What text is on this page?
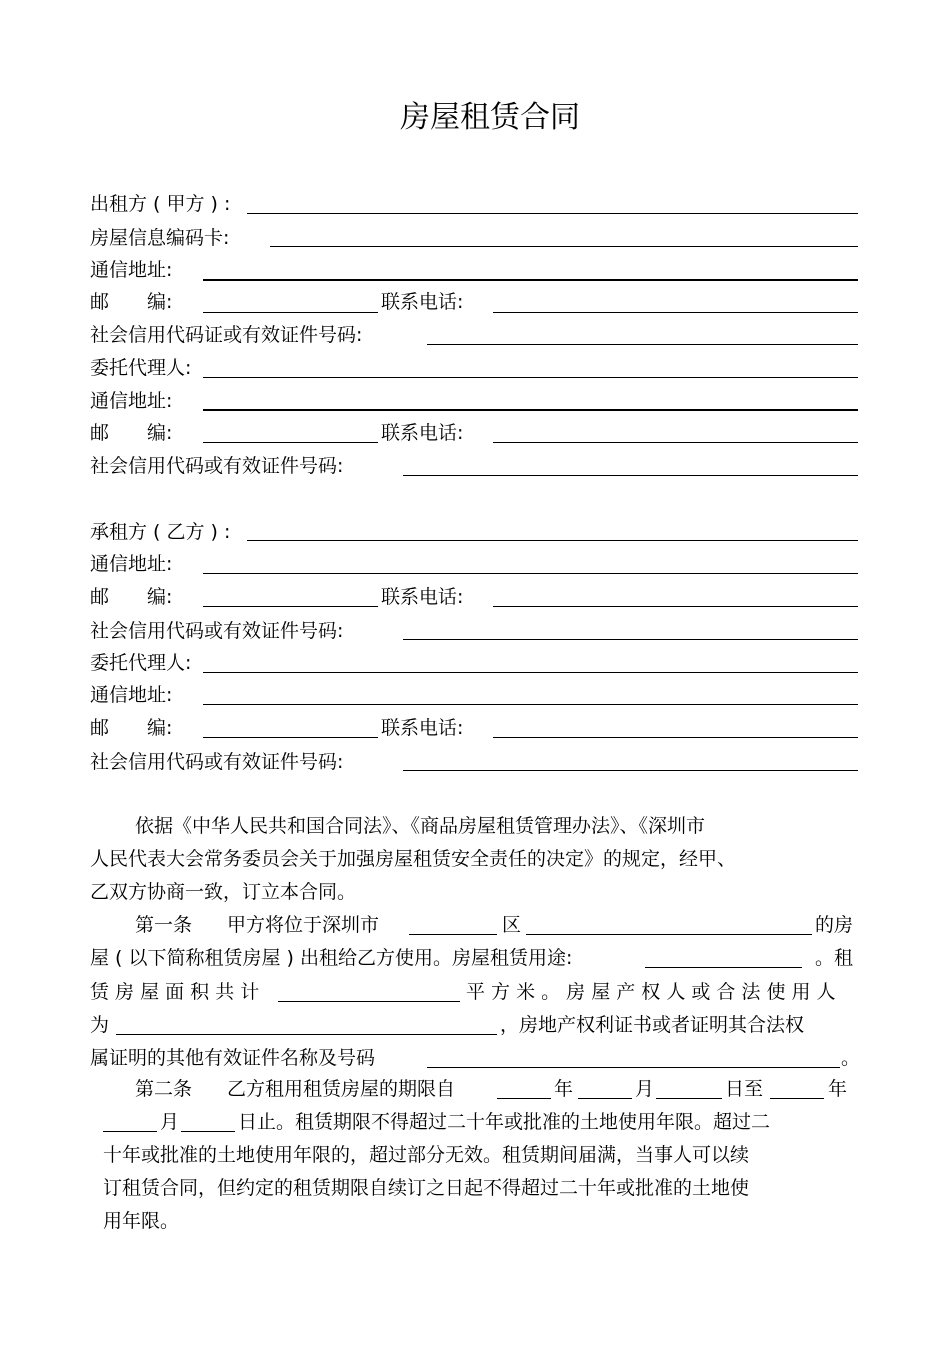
房屋租赁合同
出租方 ( 甲方 ) :
房屋信息编码卡:
通信地址:
邮　　编:	联系电话:
社会信用代码证或有效证件号码:
委托代理人:
通信地址:
邮　　编:	联系电话:
社会信用代码或有效证件号码:
承租方 ( 乙方 ) :
通信地址:
邮　　编:	联系电话:
社会信用代码或有效证件号码:
委托代理人:
通信地址:
邮　　编:	联系电话:
社会信用代码或有效证件号码:
依据《中华人民共和国合同法》、《商品房屋租赁管理办法》、《深圳市
人民代表大会常务委员会关于加强房屋租赁安全责任的决定》的规定，经甲、
乙双方协商一致，订立本合同。
第一条 甲方将位于深圳市	区	的房
屋 ( 以下简称租赁房屋 ) 出租给乙方使用。房屋租赁用途:	。租
赁 房 屋 面 积 共 计	平 方 米 。 房 屋 产 权 人 或 合 法 使 用 人
为	，房地产权利证书或者证明其合法权
属证明的其他有效证件名称及号码	。
第二条 乙方租用租赁房屋的期限自	年	月	日至	年
月	日止。租赁期限不得超过二十年或批准的土地使用年限。超过二
十年或批准的土地使用年限的，超过部分无效。租赁期间届满，当事人可以续
订租赁合同，但约定的租赁期限自续订之日起不得超过二十年或批准的土地使
用年限。
